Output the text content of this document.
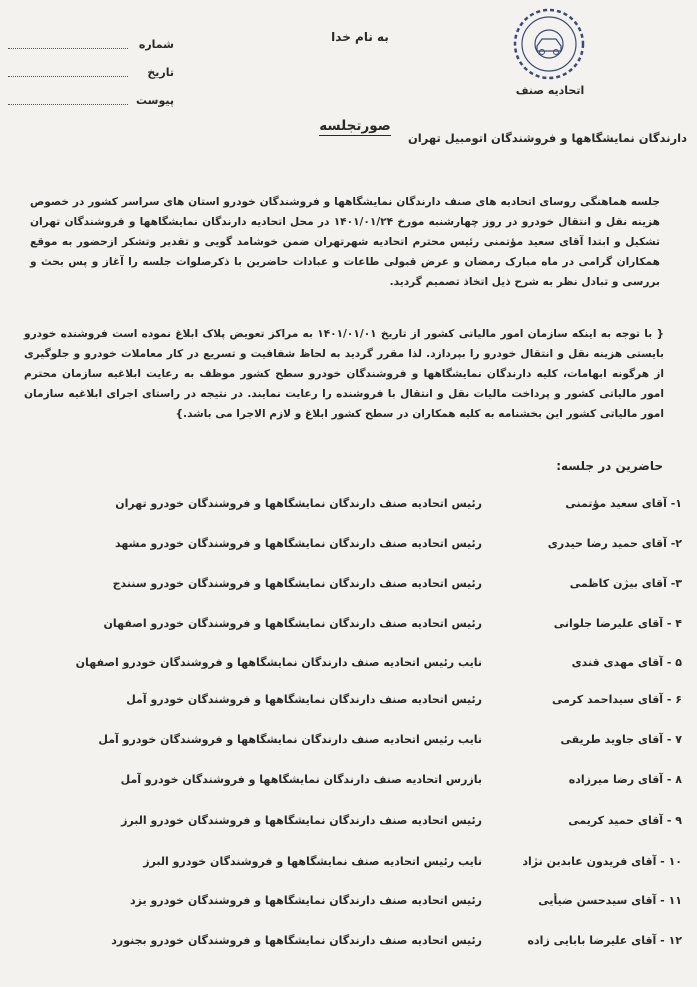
اتحادیه صنف
دارندگان نمایشگاهها و فروشندگان اتومبیل تهران
به نام خدا
شماره
تاریخ
پیوست
صورتجلسه
جلسه هماهنگی روسای اتحادیه های صنف دارندگان نمایشگاهها و فروشندگان خودرو استان های سراسر کشور در خصوص هزینه نقل و انتقال خودرو در روز چهارشنبه مورخ ۱۴۰۱/۰۱/۲۴ در محل اتحادیه دارندگان نمایشگاهها و فروشندگان تهران تشکیل و ابتدا آقای سعید مؤتمنی رئیس محترم اتحادیه شهرتهران ضمن خوشامد گویی و تقدیر وتشکر ازحضور به موقع همکاران گرامی در ماه مبارک رمضان و عرض قبولی طاعات و عبادات حاضرین با ذکرصلوات جلسه را آغاز و پس بحث و بررسی و تبادل نظر به شرح ذیل اتخاذ تصمیم گردید.
{ با توجه به اینکه سازمان امور مالیاتی کشور از تاریخ ۱۴۰۱/۰۱/۰۱ به مراکز تعویض پلاک ابلاغ نموده است فروشنده خودرو بایستی هزینه نقل و انتقال خودرو را بپردازد. لذا مقرر گردید به لحاظ شفافیت و تسریع در کار معاملات خودرو و جلوگیری از هرگونه ابهامات، کلیه دارندگان نمایشگاهها و فروشندگان خودرو سطح کشور موظف به رعایت ابلاغیه سازمان محترم امور مالیاتی کشور و پرداخت مالیات نقل و انتقال با فروشنده را رعایت نمایند. در نتیجه در راستای اجرای ابلاغیه سازمان امور مالیاتی کشور این بخشنامه به کلیه همکاران در سطح کشور ابلاغ و لازم الاجرا می باشد.}
حاضرین در جلسه:
۱- آقای سعید مؤتمنی
رئیس اتحادیه صنف دارندگان نمایشگاهها و فروشندگان خودرو تهران
۲- آقای حمید رضا حیدری
رئیس اتحادیه صنف دارندگان نمایشگاهها و فروشندگان خودرو مشهد
۳- آقای بیژن کاظمی
رئیس اتحادیه صنف دارندگان نمایشگاهها و فروشندگان خودرو سنندج
۴ - آقای علیرضا جلوانی
رئیس اتحادیه صنف دارندگان نمایشگاهها و فروشندگان خودرو اصفهان
۵ - آقای مهدی قندی
نایب رئیس اتحادیه صنف دارندگان نمایشگاهها و فروشندگان خودرو اصفهان
۶ - آقای سیداحمد کرمی
رئیس اتحادیه صنف دارندگان نمایشگاهها و فروشندگان خودرو آمل
۷ - آقای جاوید طریقی
نایب رئیس اتحادیه صنف دارندگان نمایشگاهها و فروشندگان خودرو آمل
۸ - آقای رضا میرزاده
بازرس اتحادیه صنف دارندگان نمایشگاهها و فروشندگان خودرو آمل
۹ - آقای حمید کریمی
رئیس اتحادیه صنف دارندگان نمایشگاهها و فروشندگان خودرو البرز
۱۰ - آقای فریدون عابدین نژاد
نایب رئیس اتحادیه صنف نمایشگاهها و فروشندگان خودرو البرز
۱۱ - آقای سیدحسن ضیأیی
رئیس اتحادیه صنف دارندگان نمایشگاهها و فروشندگان خودرو یزد
۱۲ - آقای علیرضا بابایی زاده
رئیس اتحادیه صنف دارندگان نمایشگاهها و فروشندگان خودرو بجنورد
